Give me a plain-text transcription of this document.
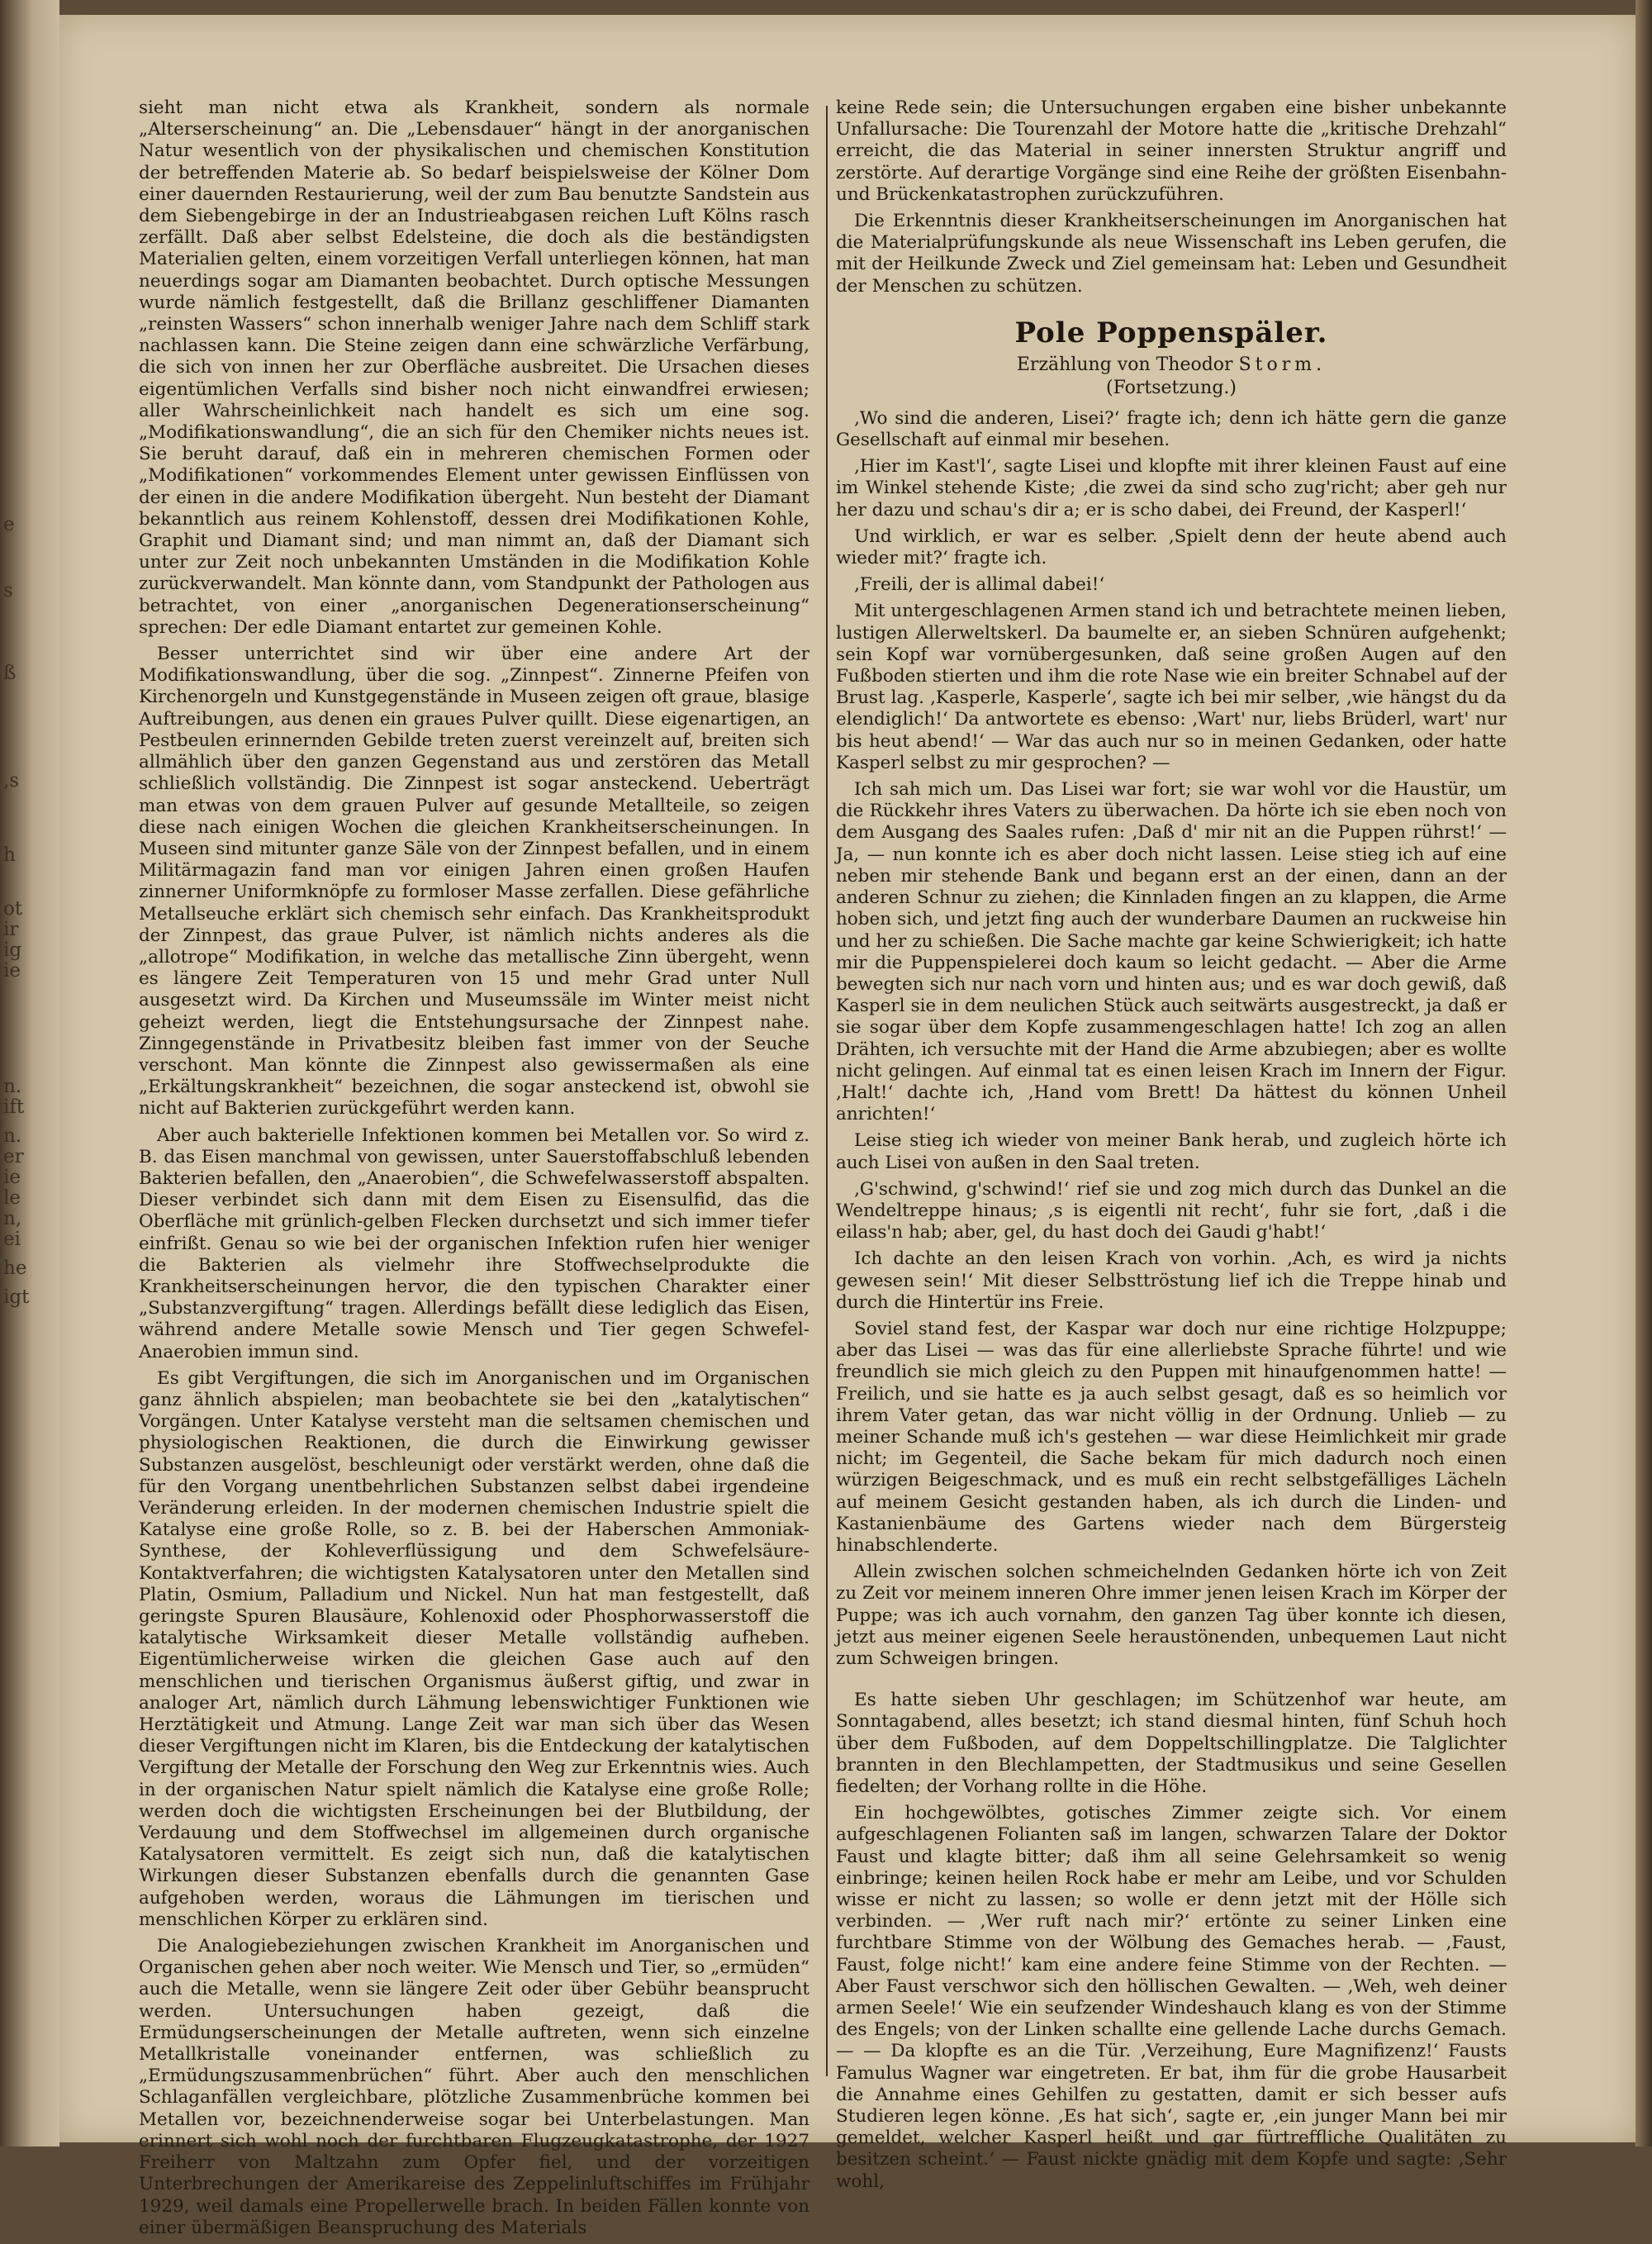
e
s
ß
,s
h
ot
ir
ig
ie
n.
ift
n.
er
ie
le
n,
ei
he
igt

sieht man nicht etwa als Krankheit, sondern als normale „Alterserscheinung“ an. Die „Lebensdauer“ hängt in der anorganischen Natur wesentlich von der physikalischen und chemischen Konstitution der betreffenden Materie ab. So bedarf beispielsweise der Kölner Dom einer dauernden Restaurierung, weil der zum Bau benutzte Sandstein aus dem Siebengebirge in der an Industrieabgasen reichen Luft Kölns rasch zerfällt. Daß aber selbst Edelsteine, die doch als die beständigsten Materialien gelten, einem vorzeitigen Verfall unterliegen können, hat man neuerdings sogar am Diamanten beobachtet. Durch optische Messungen wurde nämlich festgestellt, daß die Brillanz geschliffener Diamanten „reinsten Wassers“ schon innerhalb weniger Jahre nach dem Schliff stark nachlassen kann. Die Steine zeigen dann eine schwärzliche Verfärbung, die sich von innen her zur Oberfläche ausbreitet. Die Ursachen dieses eigentümlichen Verfalls sind bisher noch nicht einwandfrei erwiesen; aller Wahrscheinlichkeit nach handelt es sich um eine sog. „Modifikationswandlung“, die an sich für den Chemiker nichts neues ist. Sie beruht darauf, daß ein in mehreren chemischen Formen oder „Modifikationen“ vorkommendes Element unter gewissen Einflüssen von der einen in die andere Modifikation übergeht. Nun besteht der Diamant bekanntlich aus reinem Kohlenstoff, dessen drei Modifikationen Kohle, Graphit und Diamant sind; und man nimmt an, daß der Diamant sich unter zur Zeit noch unbekannten Umständen in die Modifikation Kohle zurückverwandelt. Man könnte dann, vom Standpunkt der Pathologen aus betrachtet, von einer „anorganischen Degenerationserscheinung“ sprechen: Der edle Diamant entartet zur gemeinen Kohle.

Besser unterrichtet sind wir über eine andere Art der Modifikationswandlung, über die sog. „Zinnpest“. Zinnerne Pfeifen von Kirchenorgeln und Kunstgegenstände in Museen zeigen oft graue, blasige Auftreibungen, aus denen ein graues Pulver quillt. Diese eigenartigen, an Pestbeulen erinnernden Gebilde treten zuerst vereinzelt auf, breiten sich allmählich über den ganzen Gegenstand aus und zerstören das Metall schließlich vollständig. Die Zinnpest ist sogar ansteckend. Ueberträgt man etwas von dem grauen Pulver auf gesunde Metallteile, so zeigen diese nach einigen Wochen die gleichen Krankheitserscheinungen. In Museen sind mitunter ganze Säle von der Zinnpest befallen, und in einem Militärmagazin fand man vor einigen Jahren einen großen Haufen zinnerner Uniformknöpfe zu formloser Masse zerfallen. Diese gefährliche Metallseuche erklärt sich chemisch sehr einfach. Das Krankheitsprodukt der Zinnpest, das graue Pulver, ist nämlich nichts anderes als die „allotrope“ Modifikation, in welche das metallische Zinn übergeht, wenn es längere Zeit Temperaturen von 15 und mehr Grad unter Null ausgesetzt wird. Da Kirchen und Museumssäle im Winter meist nicht geheizt werden, liegt die Entstehungsursache der Zinnpest nahe. Zinngegenstände in Privatbesitz bleiben fast immer von der Seuche verschont. Man könnte die Zinnpest also gewissermaßen als eine „Erkältungskrankheit“ bezeichnen, die sogar ansteckend ist, obwohl sie nicht auf Bakterien zurückgeführt werden kann.

Aber auch bakterielle Infektionen kommen bei Metallen vor. So wird z. B. das Eisen manchmal von gewissen, unter Sauerstoffabschluß lebenden Bakterien befallen, den „Anaerobien“, die Schwefelwasserstoff abspalten. Dieser verbindet sich dann mit dem Eisen zu Eisensulfid, das die Oberfläche mit grünlich-gelben Flecken durchsetzt und sich immer tiefer einfrißt. Genau so wie bei der organischen Infektion rufen hier weniger die Bakterien als vielmehr ihre Stoffwechselprodukte die Krankheitserscheinungen hervor, die den typischen Charakter einer „Substanzvergiftung“ tragen. Allerdings befällt diese lediglich das Eisen, während andere Metalle sowie Mensch und Tier gegen Schwefel-Anaerobien immun sind.

Es gibt Vergiftungen, die sich im Anorganischen und im Organischen ganz ähnlich abspielen; man beobachtete sie bei den „katalytischen“ Vorgängen. Unter Katalyse versteht man die seltsamen chemischen und physiologischen Reaktionen, die durch die Einwirkung gewisser Substanzen ausgelöst, beschleunigt oder verstärkt werden, ohne daß die für den Vorgang unentbehrlichen Substanzen selbst dabei irgendeine Veränderung erleiden. In der modernen chemischen Industrie spielt die Katalyse eine große Rolle, so z. B. bei der Haberschen Ammoniak-Synthese, der Kohleverflüssigung und dem Schwefelsäure-Kontaktverfahren; die wichtigsten Katalysatoren unter den Metallen sind Platin, Osmium, Palladium und Nickel. Nun hat man festgestellt, daß geringste Spuren Blausäure, Kohlenoxid oder Phosphorwasserstoff die katalytische Wirksamkeit dieser Metalle vollständig aufheben. Eigentümlicherweise wirken die gleichen Gase auch auf den menschlichen und tierischen Organismus äußerst giftig, und zwar in analoger Art, nämlich durch Lähmung lebenswichtiger Funktionen wie Herztätigkeit und Atmung. Lange Zeit war man sich über das Wesen dieser Vergiftungen nicht im Klaren, bis die Entdeckung der katalytischen Vergiftung der Metalle der Forschung den Weg zur Erkenntnis wies. Auch in der organischen Natur spielt nämlich die Katalyse eine große Rolle; werden doch die wichtigsten Erscheinungen bei der Blutbildung, der Verdauung und dem Stoffwechsel im allgemeinen durch organische Katalysatoren vermittelt. Es zeigt sich nun, daß die katalytischen Wirkungen dieser Substanzen ebenfalls durch die genannten Gase aufgehoben werden, woraus die Lähmungen im tierischen und menschlichen Körper zu erklären sind.

Die Analogiebeziehungen zwischen Krankheit im Anorganischen und Organischen gehen aber noch weiter. Wie Mensch und Tier, so „ermüden“ auch die Metalle, wenn sie längere Zeit oder über Gebühr beansprucht werden. Untersuchungen haben gezeigt, daß die Ermüdungserscheinungen der Metalle auftreten, wenn sich einzelne Metallkristalle voneinander entfernen, was schließlich zu „Ermüdungszusammenbrüchen“ führt. Aber auch den menschlichen Schlaganfällen vergleichbare, plötzliche Zusammenbrüche kommen bei Metallen vor, bezeichnenderweise sogar bei Unterbelastungen. Man erinnert sich wohl noch der furchtbaren Flugzeugkatastrophe, der 1927 Freiherr von Maltzahn zum Opfer fiel, und der vorzeitigen Unterbrechungen der Amerikareise des Zeppelinluftschiffes im Frühjahr 1929, weil damals eine Propellerwelle brach. In beiden Fällen konnte von einer übermäßigen Beanspruchung des Materials

keine Rede sein; die Untersuchungen ergaben eine bisher unbekannte Unfallursache: Die Tourenzahl der Motore hatte die „kritische Drehzahl“ erreicht, die das Material in seiner innersten Struktur angriff und zerstörte. Auf derartige Vorgänge sind eine Reihe der größten Eisenbahn- und Brückenkatastrophen zurückzuführen.

Die Erkenntnis dieser Krankheitserscheinungen im Anorganischen hat die Materialprüfungskunde als neue Wissenschaft ins Leben gerufen, die mit der Heilkunde Zweck und Ziel gemeinsam hat: Leben und Gesundheit der Menschen zu schützen.

Pole Poppenspäler.
Erzählung von Theodor Storm.
(Fortsetzung.)

‚Wo sind die anderen, Lisei?‘ fragte ich; denn ich hätte gern die ganze Gesellschaft auf einmal mir besehen.

‚Hier im Kast'l‘, sagte Lisei und klopfte mit ihrer kleinen Faust auf eine im Winkel stehende Kiste; ‚die zwei da sind scho zug'richt; aber geh nur her dazu und schau's dir a; er is scho dabei, dei Freund, der Kasperl!‘

Und wirklich, er war es selber. ‚Spielt denn der heute abend auch wieder mit?‘ fragte ich.

‚Freili, der is allimal dabei!‘

Mit untergeschlagenen Armen stand ich und betrachtete meinen lieben, lustigen Allerweltskerl. Da baumelte er, an sieben Schnüren aufgehenkt; sein Kopf war vornübergesunken, daß seine großen Augen auf den Fußboden stierten und ihm die rote Nase wie ein breiter Schnabel auf der Brust lag. ‚Kasperle, Kasperle‘, sagte ich bei mir selber, ‚wie hängst du da elendiglich!‘ Da antwortete es ebenso: ‚Wart' nur, liebs Brüderl, wart' nur bis heut abend!‘ — War das auch nur so in meinen Gedanken, oder hatte Kasperl selbst zu mir gesprochen? —

Ich sah mich um. Das Lisei war fort; sie war wohl vor die Haustür, um die Rückkehr ihres Vaters zu überwachen. Da hörte ich sie eben noch von dem Ausgang des Saales rufen: ‚Daß d' mir nit an die Puppen rührst!‘ — Ja, — nun konnte ich es aber doch nicht lassen. Leise stieg ich auf eine neben mir stehende Bank und begann erst an der einen, dann an der anderen Schnur zu ziehen; die Kinnladen fingen an zu klappen, die Arme hoben sich, und jetzt fing auch der wunderbare Daumen an ruckweise hin und her zu schießen. Die Sache machte gar keine Schwierigkeit; ich hatte mir die Puppenspielerei doch kaum so leicht gedacht. — Aber die Arme bewegten sich nur nach vorn und hinten aus; und es war doch gewiß, daß Kasperl sie in dem neulichen Stück auch seitwärts ausgestreckt, ja daß er sie sogar über dem Kopfe zusammengeschlagen hatte! Ich zog an allen Drähten, ich versuchte mit der Hand die Arme abzubiegen; aber es wollte nicht gelingen. Auf einmal tat es einen leisen Krach im Innern der Figur. ‚Halt!‘ dachte ich, ‚Hand vom Brett! Da hättest du können Unheil anrichten!‘

Leise stieg ich wieder von meiner Bank herab, und zugleich hörte ich auch Lisei von außen in den Saal treten.

‚G'schwind, g'schwind!‘ rief sie und zog mich durch das Dunkel an die Wendeltreppe hinaus; ‚s is eigentli nit recht‘, fuhr sie fort, ‚daß i die eilass'n hab; aber, gel, du hast doch dei Gaudi g'habt!‘

Ich dachte an den leisen Krach von vorhin. ‚Ach, es wird ja nichts gewesen sein!‘ Mit dieser Selbsttröstung lief ich die Treppe hinab und durch die Hintertür ins Freie.

Soviel stand fest, der Kaspar war doch nur eine richtige Holzpuppe; aber das Lisei — was das für eine allerliebste Sprache führte! und wie freundlich sie mich gleich zu den Puppen mit hinaufgenommen hatte! — Freilich, und sie hatte es ja auch selbst gesagt, daß es so heimlich vor ihrem Vater getan, das war nicht völlig in der Ordnung. Unlieb — zu meiner Schande muß ich's gestehen — war diese Heimlichkeit mir grade nicht; im Gegenteil, die Sache bekam für mich dadurch noch einen würzigen Beigeschmack, und es muß ein recht selbstgefälliges Lächeln auf meinem Gesicht gestanden haben, als ich durch die Linden- und Kastanienbäume des Gartens wieder nach dem Bürgersteig hinabschlenderte.

Allein zwischen solchen schmeichelnden Gedanken hörte ich von Zeit zu Zeit vor meinem inneren Ohre immer jenen leisen Krach im Körper der Puppe; was ich auch vornahm, den ganzen Tag über konnte ich diesen, jetzt aus meiner eigenen Seele heraustönenden, unbequemen Laut nicht zum Schweigen bringen.

Es hatte sieben Uhr geschlagen; im Schützenhof war heute, am Sonntagabend, alles besetzt; ich stand diesmal hinten, fünf Schuh hoch über dem Fußboden, auf dem Doppeltschillingplatze. Die Talglichter brannten in den Blechlampetten, der Stadtmusikus und seine Gesellen fiedelten; der Vorhang rollte in die Höhe.

Ein hochgewölbtes, gotisches Zimmer zeigte sich. Vor einem aufgeschlagenen Folianten saß im langen, schwarzen Talare der Doktor Faust und klagte bitter; daß ihm all seine Gelehrsamkeit so wenig einbringe; keinen heilen Rock habe er mehr am Leibe, und vor Schulden wisse er nicht zu lassen; so wolle er denn jetzt mit der Hölle sich verbinden. — ‚Wer ruft nach mir?‘ ertönte zu seiner Linken eine furchtbare Stimme von der Wölbung des Gemaches herab. — ‚Faust, Faust, folge nicht!‘ kam eine andere feine Stimme von der Rechten. — Aber Faust verschwor sich den höllischen Gewalten. — ‚Weh, weh deiner armen Seele!‘ Wie ein seufzender Windeshauch klang es von der Stimme des Engels; von der Linken schallte eine gellende Lache durchs Gemach. — — Da klopfte es an die Tür. ‚Verzeihung, Eure Magnifizenz!‘ Fausts Famulus Wagner war eingetreten. Er bat, ihm für die grobe Hausarbeit die Annahme eines Gehilfen zu gestatten, damit er sich besser aufs Studieren legen könne. ‚Es hat sich‘, sagte er, ‚ein junger Mann bei mir gemeldet, welcher Kasperl heißt und gar fürtreffliche Qualitäten zu besitzen scheint.‘ — Faust nickte gnädig mit dem Kopfe und sagte: ‚Sehr wohl,
